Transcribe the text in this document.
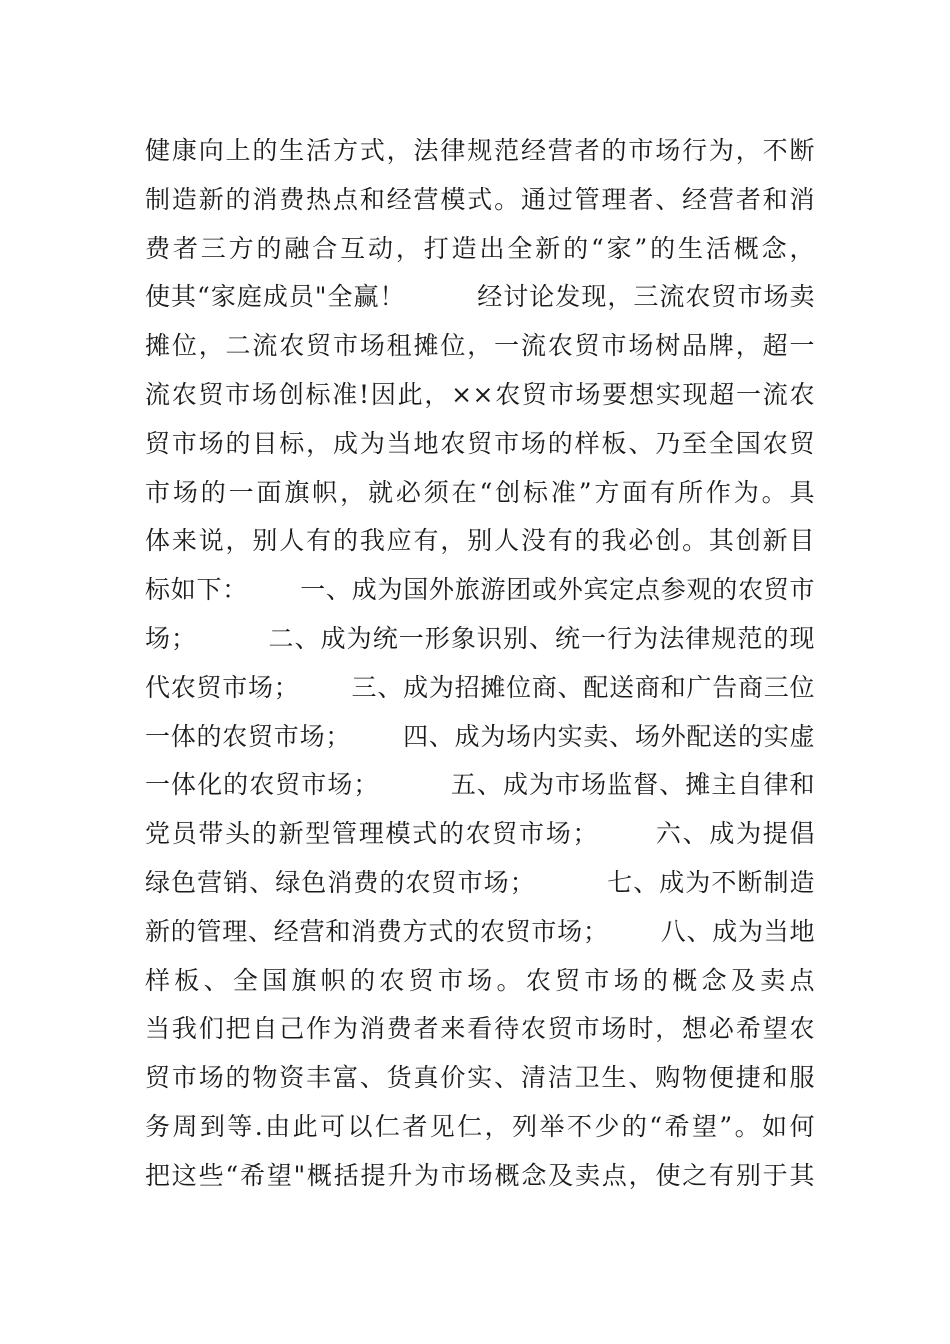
健康向上的生活方式，法律规范经营者的市场行为，不断
制造新的消费热点和经营模式。通过管理者、经营者和消
费者三方的融合互动，打造出全新的“家”的生活概念，
使其“家庭成员"全赢！        经讨论发现，三流农贸市场卖
摊位，二流农贸市场租摊位，一流农贸市场树品牌，超一
流农贸市场创标准!因此，××农贸市场要想实现超一流农
贸市场的目标，成为当地农贸市场的样板、乃至全国农贸
市场的一面旗帜，就必须在“创标准”方面有所作为。具
体来说，别人有的我应有，别人没有的我必创。其创新目
标如下：      一、成为国外旅游团或外宾定点参观的农贸市
场；        二、成为统一形象识别、统一行为法律规范的现
代农贸市场；      三、成为招摊位商、配送商和广告商三位
一体的农贸市场；      四、成为场内实卖、场外配送的实虚
一体化的农贸市场；        五、成为市场监督、摊主自律和
党员带头的新型管理模式的农贸市场；      六、成为提倡
绿色营销、绿色消费的农贸市场；        七、成为不断制造
新的管理、经营和消费方式的农贸市场；      八、成为当地
样板、全国旗帜的农贸市场。农贸市场的概念及卖点
当我们把自己作为消费者来看待农贸市场时，想必希望农
贸市场的物资丰富、货真价实、清洁卫生、购物便捷和服
务周到等.由此可以仁者见仁，列举不少的“希望”。如何
把这些“希望"概括提升为市场概念及卖点，使之有别于其
